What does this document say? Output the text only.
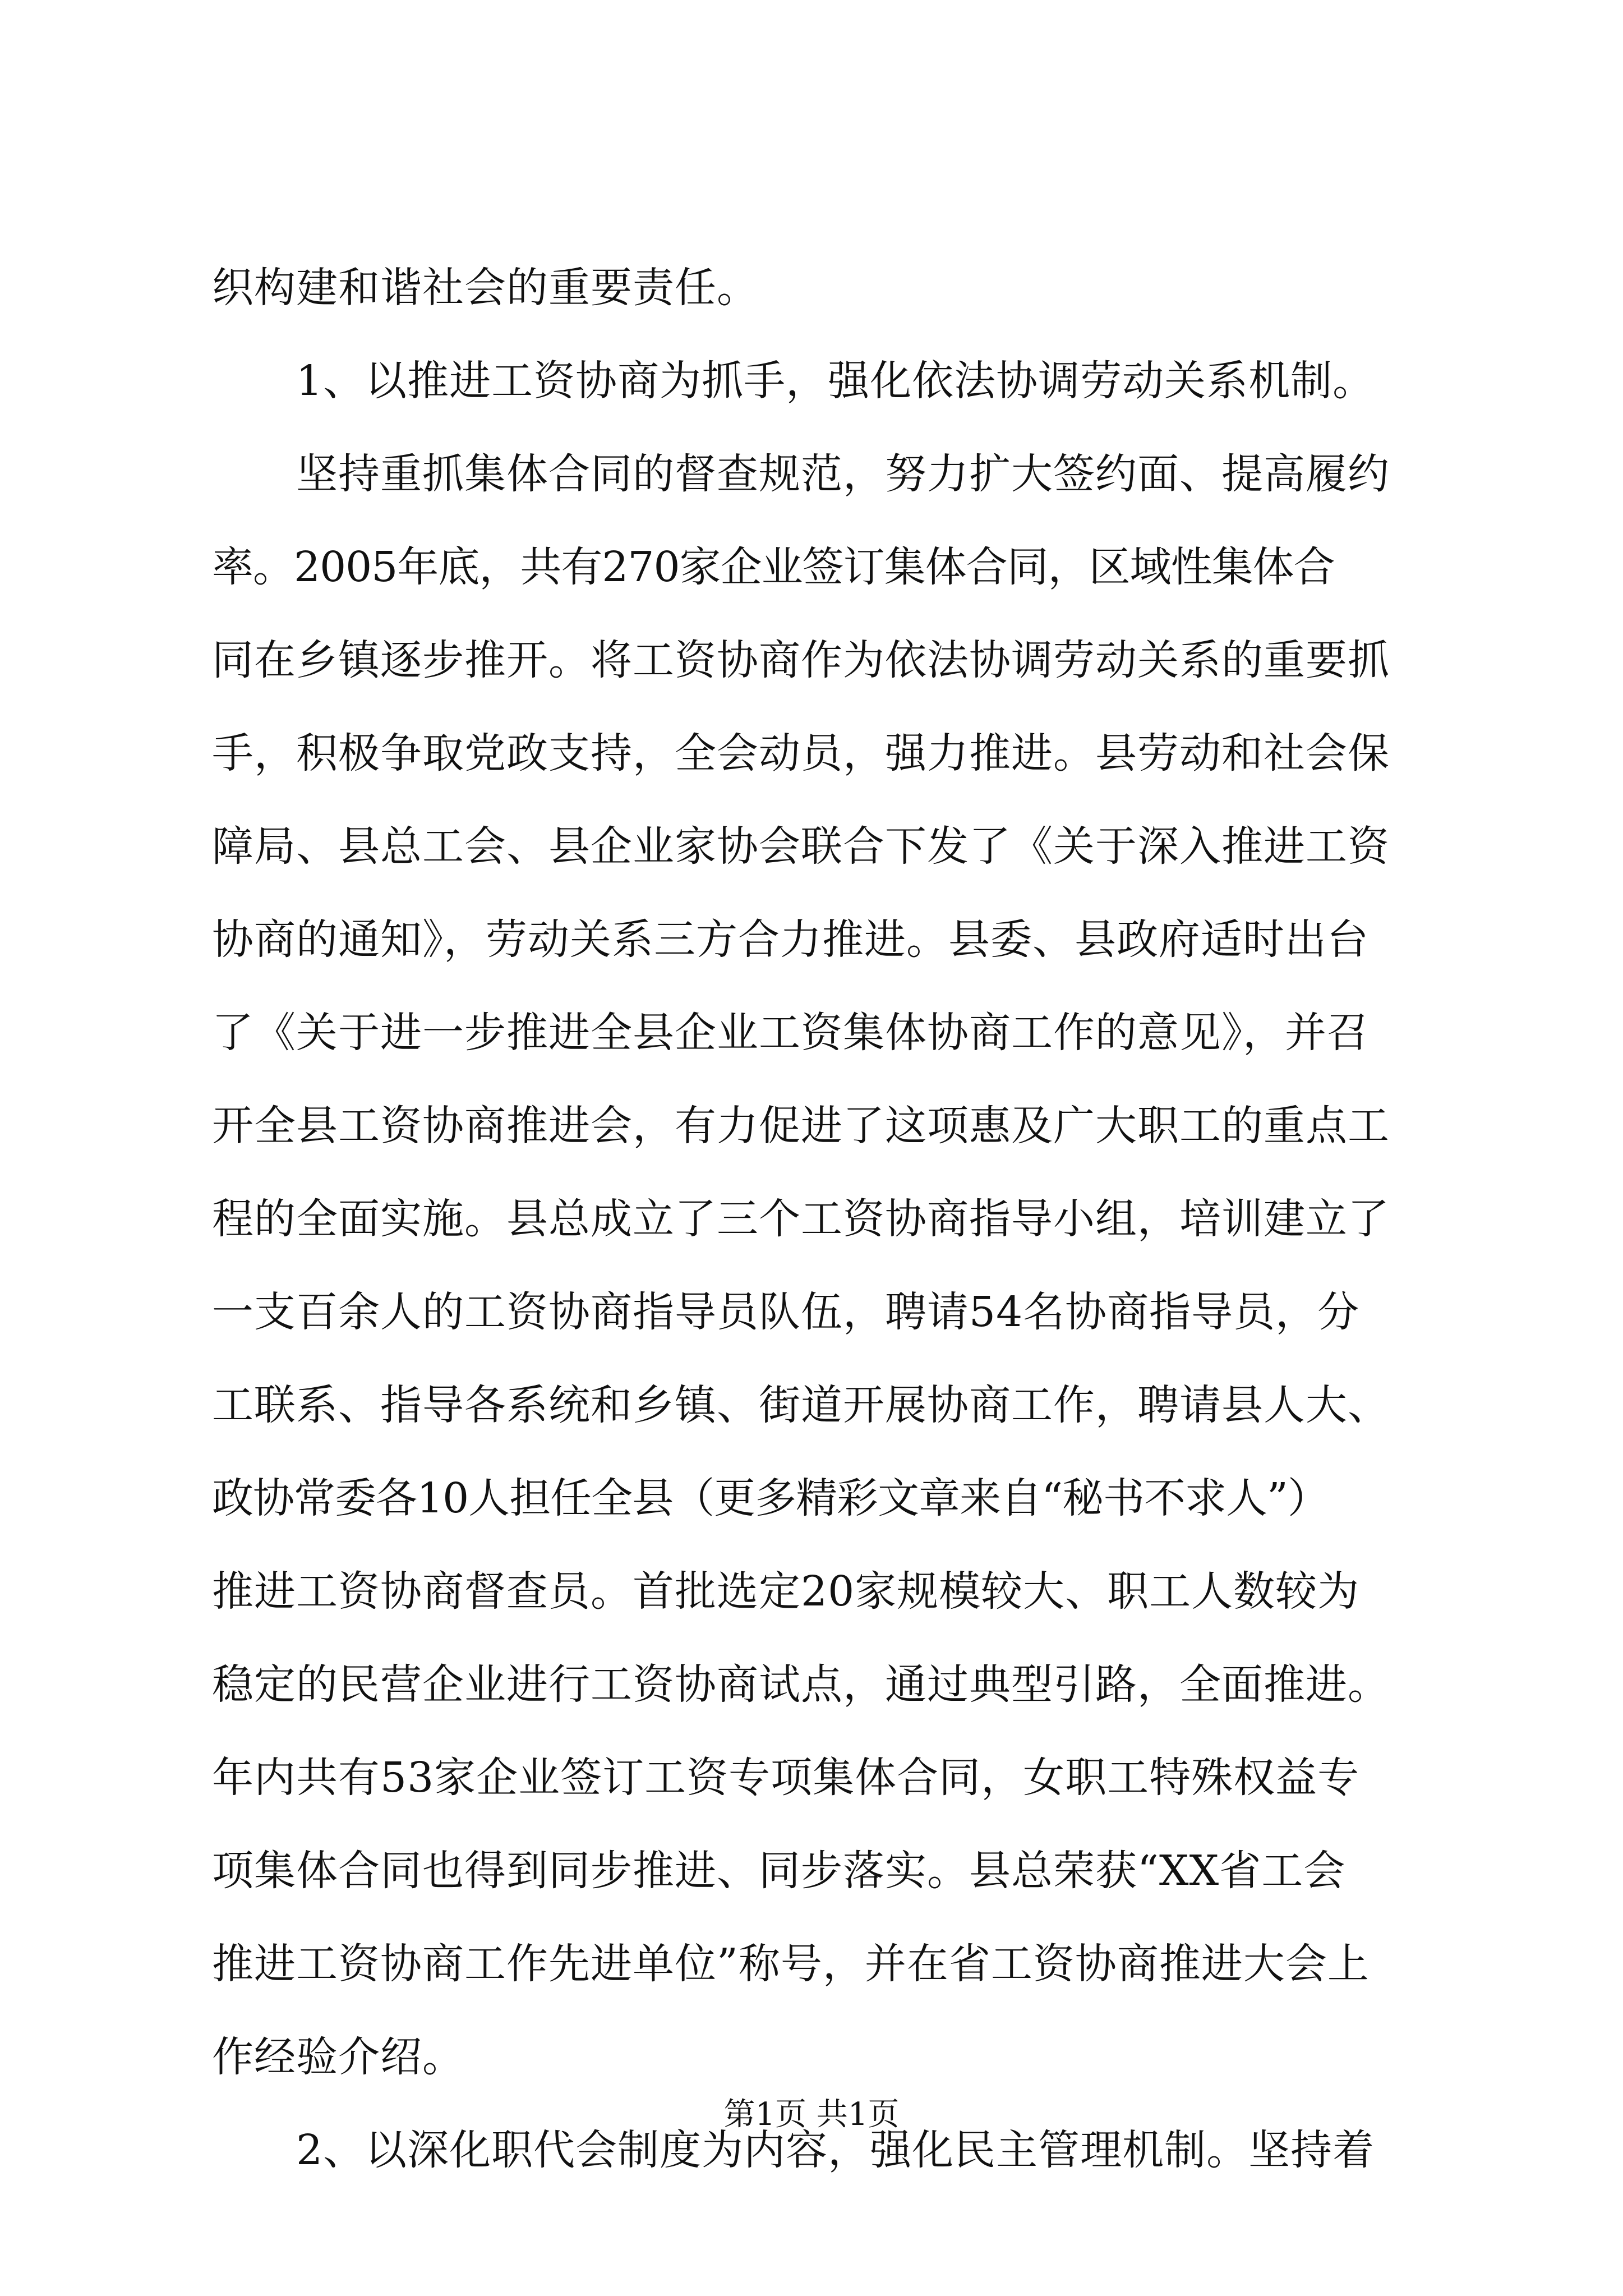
织构建和谐社会的重要责任。
　　1、以推进工资协商为抓手，强化依法协调劳动关系机制。
　　坚持重抓集体合同的督查规范，努力扩大签约面、提高履约
率。2005年底，共有270家企业签订集体合同，区域性集体合
同在乡镇逐步推开。将工资协商作为依法协调劳动关系的重要抓
手，积极争取党政支持，全会动员，强力推进。县劳动和社会保
障局、县总工会、县企业家协会联合下发了《关于深入推进工资
协商的通知》，劳动关系三方合力推进。县委、县政府适时出台
了《关于进一步推进全县企业工资集体协商工作的意见》，并召
开全县工资协商推进会，有力促进了这项惠及广大职工的重点工
程的全面实施。县总成立了三个工资协商指导小组，培训建立了
一支百余人的工资协商指导员队伍，聘请54名协商指导员，分
工联系、指导各系统和乡镇、街道开展协商工作，聘请县人大、
政协常委各10人担任全县（更多精彩文章来自“秘书不求人”）
推进工资协商督查员。首批选定20家规模较大、职工人数较为
稳定的民营企业进行工资协商试点，通过典型引路，全面推进。
年内共有53家企业签订工资专项集体合同，女职工特殊权益专
项集体合同也得到同步推进、同步落实。县总荣获“XX省工会
推进工资协商工作先进单位”称号，并在省工资协商推进大会上
作经验介绍。
　　2、以深化职代会制度为内容，强化民主管理机制。坚持着
第1页 共1页
